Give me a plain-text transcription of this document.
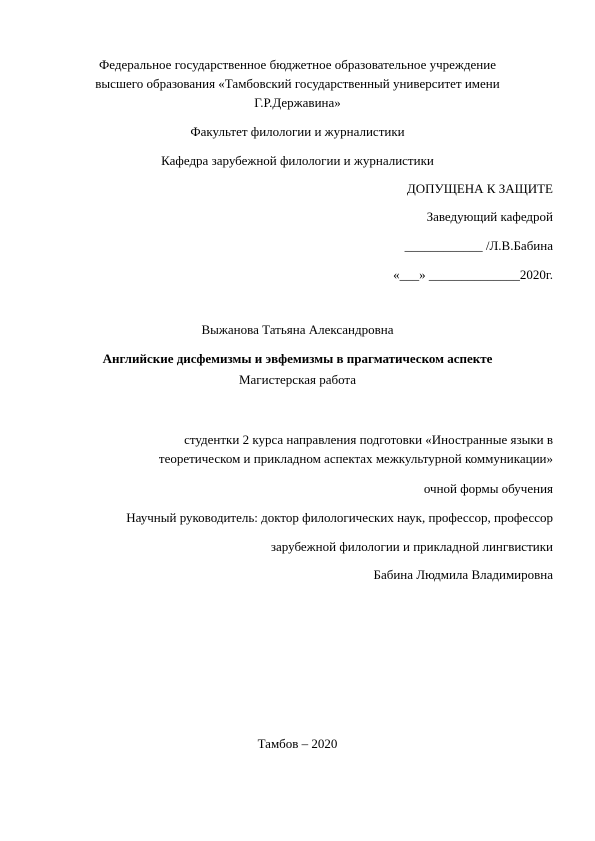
Федеральное государственное бюджетное образовательное учреждение
высшего образования «Тамбовский государственный университет имени
Г.Р.Державина»
Факультет филологии и журналистики
Кафедра зарубежной филологии и журналистики
ДОПУЩЕНА К ЗАЩИТЕ
Заведующий кафедрой
____________ /Л.В.Бабина
«___» ______________2020г.
Выжанова Татьяна Александровна
Английские дисфемизмы и эвфемизмы в прагматическом аспекте
Магистерская работа
студентки 2 курса направления подготовки «Иностранные языки в
теоретическом и прикладном аспектах межкультурной коммуникации»
очной формы обучения
Научный руководитель: доктор филологических наук, профессор, профессор
зарубежной филологии и прикладной лингвистики
Бабина Людмила Владимировна
Тамбов – 2020
